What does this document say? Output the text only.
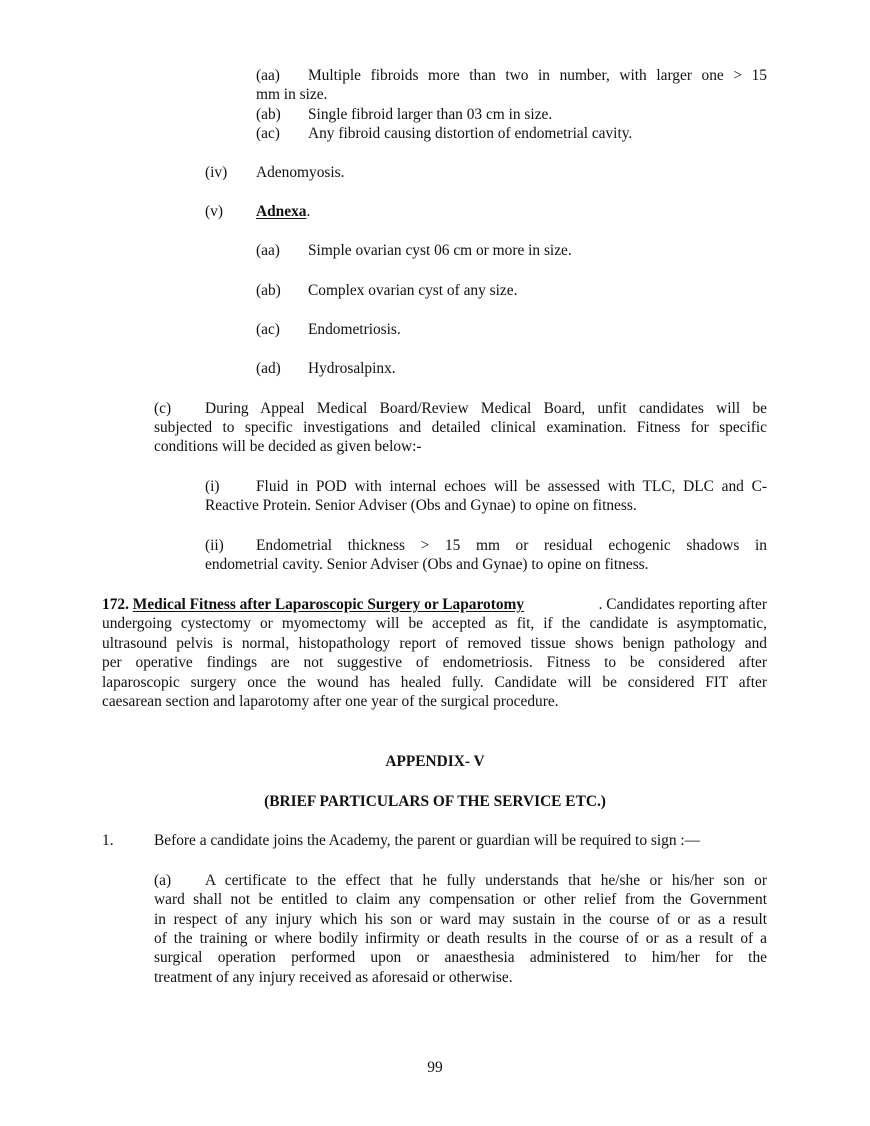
(aa) Multiple fibroids more than two in number, with larger one > 15
mm in size.
(ab) Single fibroid larger than 03 cm in size.
(ac) Any fibroid causing distortion of endometrial cavity.
(iv) Adenomyosis.
(v) Adnexa.
(aa) Simple ovarian cyst 06 cm or more in size.
(ab) Complex ovarian cyst of any size.
(ac) Endometriosis.
(ad) Hydrosalpinx.
(c) During Appeal Medical Board/Review Medical Board, unfit candidates will be
subjected to specific investigations and detailed clinical examination. Fitness for specific
conditions will be decided as given below:-
(i) Fluid in POD with internal echoes will be assessed with TLC, DLC and C-
Reactive Protein. Senior Adviser (Obs and Gynae) to opine on fitness.
(ii) Endometrial thickness > 15 mm or residual echogenic shadows in
endometrial cavity. Senior Adviser (Obs and Gynae) to opine on fitness.
172. Medical Fitness after Laparoscopic Surgery or Laparotomy	. Candidates reporting after
undergoing cystectomy or myomectomy will be accepted as fit, if the candidate is asymptomatic,
ultrasound pelvis is normal, histopathology report of removed tissue shows benign pathology and
per operative findings are not suggestive of endometriosis. Fitness to be considered after
laparoscopic surgery once the wound has healed fully. Candidate will be considered FIT after
caesarean section and laparotomy after one year of the surgical procedure.
APPENDIX- V
(BRIEF PARTICULARS OF THE SERVICE ETC.)
1.	Before a candidate joins the Academy, the parent or guardian will be required to sign :—
(a) A certificate to the effect that he fully understands that he/she or his/her son or
ward shall not be entitled to claim any compensation or other relief from the Government
in respect of any injury which his son or ward may sustain in the course of or as a result
of the training or where bodily infirmity or death results in the course of or as a result of a
surgical operation performed upon or anaesthesia administered to him/her for the
treatment of any injury received as aforesaid or otherwise.
99
